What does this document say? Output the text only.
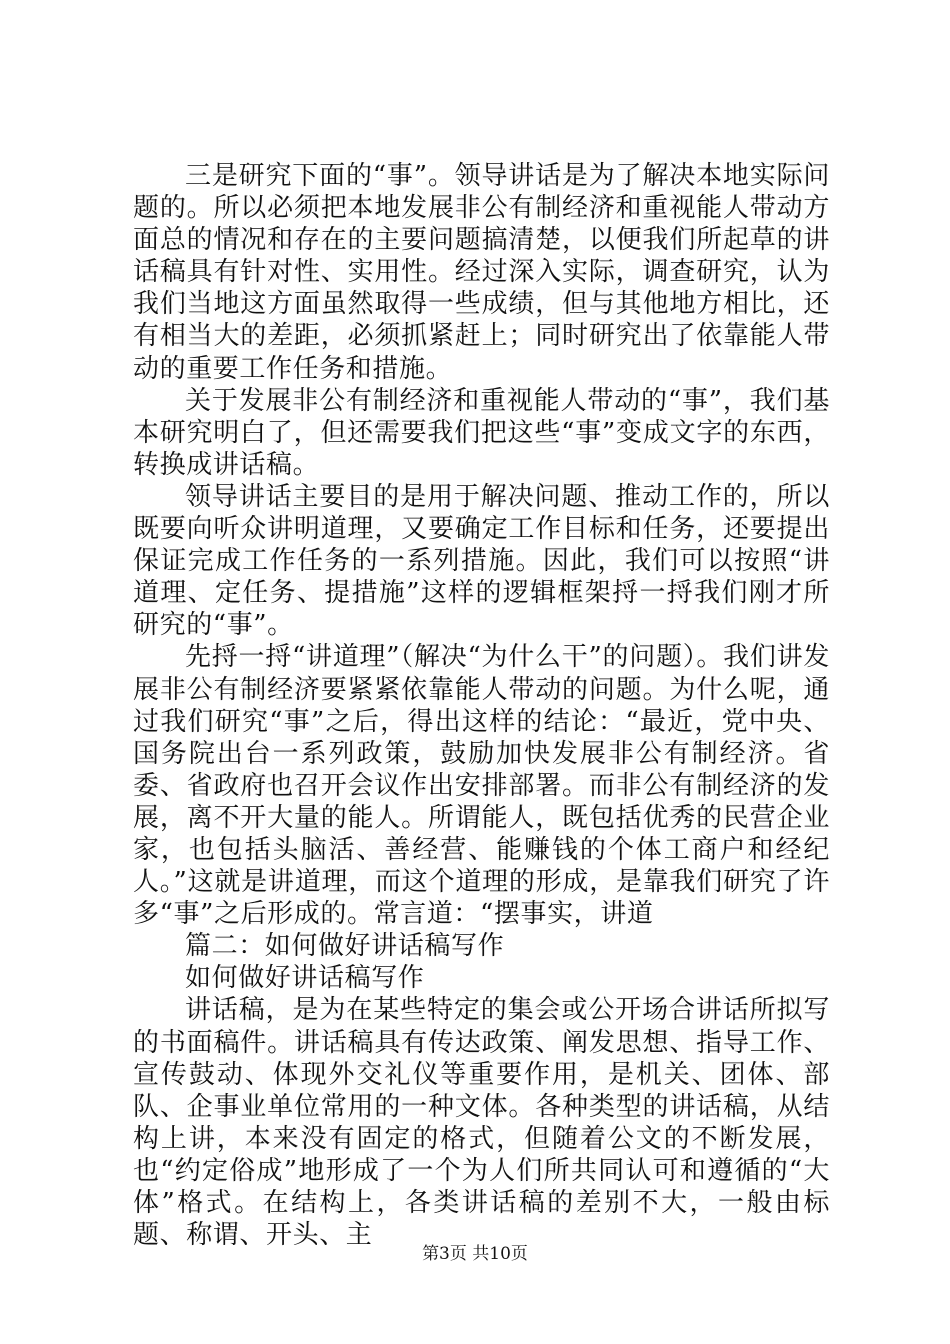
三是研究下面的“事”。领导讲话是为了解决本地实际问题的。所以必须把本地发展非公有制经济和重视能人带动方面总的情况和存在的主要问题搞清楚，以便我们所起草的讲话稿具有针对性、实用性。经过深入实际，调查研究，认为我们当地这方面虽然取得一些成绩，但与其他地方相比，还有相当大的差距，必须抓紧赶上；同时研究出了依靠能人带动的重要工作任务和措施。

关于发展非公有制经济和重视能人带动的“事”，我们基本研究明白了，但还需要我们把这些“事”变成文字的东西，转换成讲话稿。

领导讲话主要目的是用于解决问题、推动工作的，所以既要向听众讲明道理，又要确定工作目标和任务，还要提出保证完成工作任务的一系列措施。因此，我们可以按照“讲道理、定任务、提措施”这样的逻辑框架捋一捋我们刚才所研究的“事”。

先捋一捋“讲道理”（解决“为什么干”的问题）。我们讲发展非公有制经济要紧紧依靠能人带动的问题。为什么呢，通过我们研究“事”之后，得出这样的结论：“最近，党中央、国务院出台一系列政策，鼓励加快发展非公有制经济。省委、省政府也召开会议作出安排部署。而非公有制经济的发展，离不开大量的能人。所谓能人，既包括优秀的民营企业家，也包括头脑活、善经营、能赚钱的个体工商户和经纪人。”这就是讲道理，而这个道理的形成，是靠我们研究了许多“事”之后形成的。常言道：“摆事实，讲道

篇二：如何做好讲话稿写作

如何做好讲话稿写作

讲话稿，是为在某些特定的集会或公开场合讲话所拟写的书面稿件。讲话稿具有传达政策、阐发思想、指导工作、宣传鼓动、体现外交礼仪等重要作用，是机关、团体、部队、企事业单位常用的一种文体。各种类型的讲话稿，从结构上讲，本来没有固定的格式，但随着公文的不断发展，也“约定俗成”地形成了一个为人们所共同认可和遵循的“大体”格式。在结构上，各类讲话稿的差别不大，一般由标题、称谓、开头、主

第3页 共10页
